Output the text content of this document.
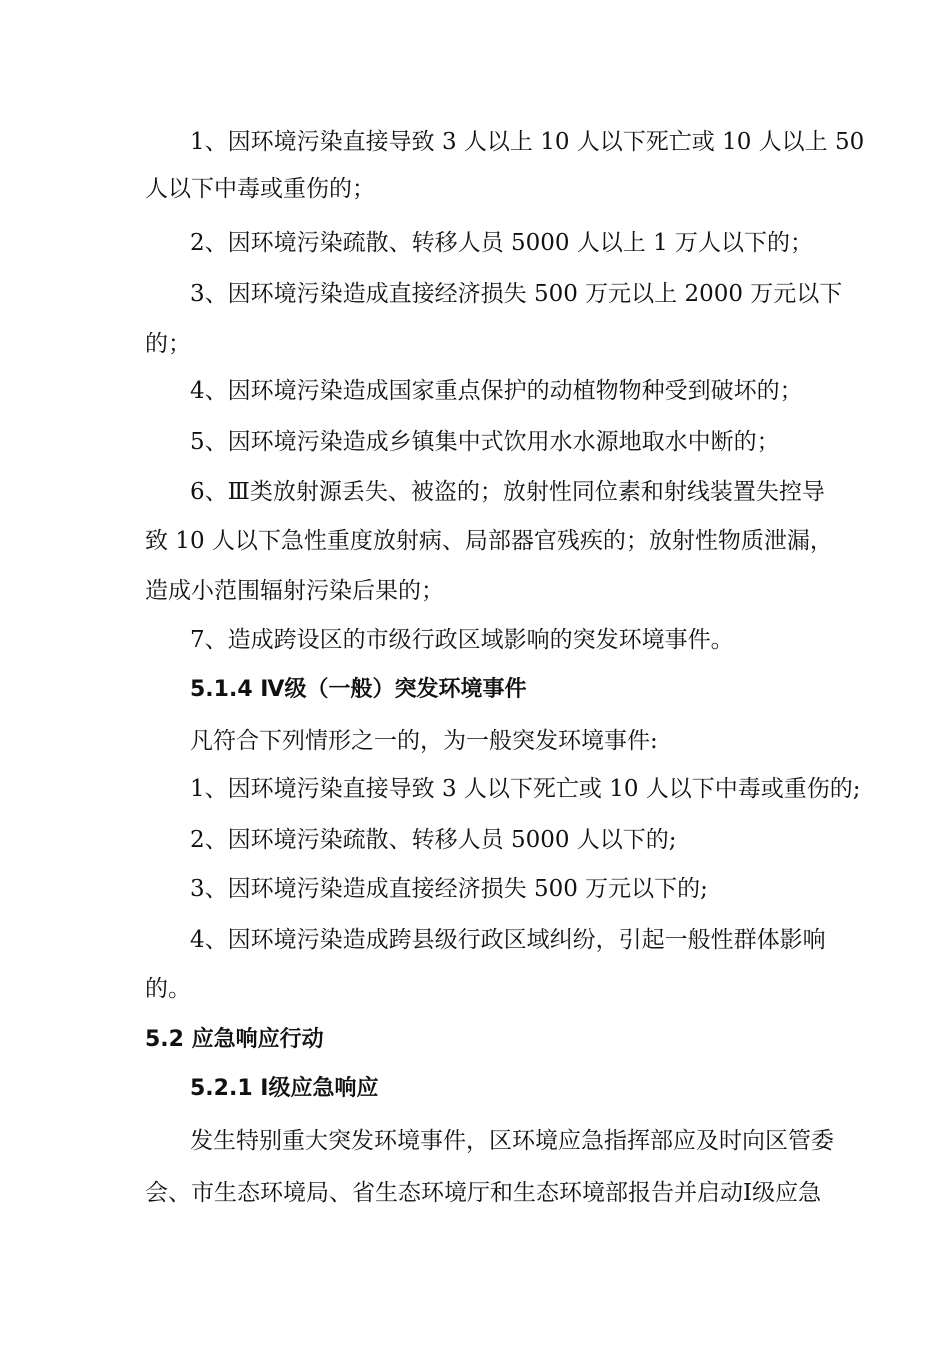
1、因环境污染直接导致 3 人以上 10 人以下死亡或 10 人以上 50
人以下中毒或重伤的；
2、因环境污染疏散、转移人员 5000 人以上 1 万人以下的；
3、因环境污染造成直接经济损失 500 万元以上 2000 万元以下
的；
4、因环境污染造成国家重点保护的动植物物种受到破坏的；
5、因环境污染造成乡镇集中式饮用水水源地取水中断的；
6、Ⅲ类放射源丢失、被盗的；放射性同位素和射线装置失控导
致 10 人以下急性重度放射病、局部器官残疾的；放射性物质泄漏，
造成小范围辐射污染后果的；
7、造成跨设区的市级行政区域影响的突发环境事件。
5.1.4 Ⅳ级（一般）突发环境事件
凡符合下列情形之一的，为一般突发环境事件:
1、因环境污染直接导致 3 人以下死亡或 10 人以下中毒或重伤的;
2、因环境污染疏散、转移人员 5000 人以下的;
3、因环境污染造成直接经济损失 500 万元以下的;
4、因环境污染造成跨县级行政区域纠纷，引起一般性群体影响
的。
5.2 应急响应行动
5.2.1 Ⅰ级应急响应
发生特别重大突发环境事件，区环境应急指挥部应及时向区管委
会、市生态环境局、省生态环境厅和生态环境部报告并启动Ⅰ级应急
